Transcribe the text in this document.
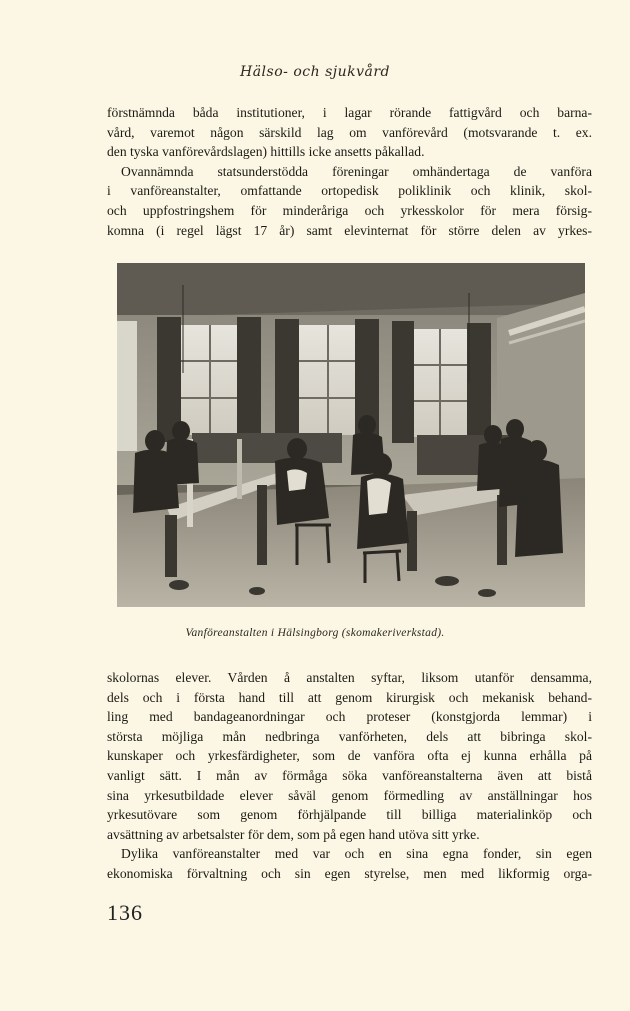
Hälso- och sjukvård
förstnämnda båda institutioner, i lagar rörande fattigvård och barna-
vård, varemot någon särskild lag om vanförevård (motsvarande t. ex.
den tyska vanförevårdslagen) hittills icke ansetts påkallad.
Ovannämnda statsunderstödda föreningar omhändertaga de vanföra
i vanföreanstalter, omfattande ortopedisk poliklinik och klinik, skol-
och uppfostringshem för minderåriga och yrkesskolor för mera försig-
komna (i regel lägst 17 år) samt elevinternat för större delen av yrkes-
Vanföreanstalten i Hälsingborg (skomakeriverkstad).
skolornas elever. Vården å anstalten syftar, liksom utanför densamma,
dels och i första hand till att genom kirurgisk och mekanisk behand-
ling med bandageanordningar och proteser (konstgjorda lemmar) i
största möjliga mån nedbringa vanförheten, dels att bibringa skol-
kunskaper och yrkesfärdigheter, som de vanföra ofta ej kunna erhålla på
vanligt sätt. I mån av förmåga söka vanföreanstalterna även att bistå
sina yrkesutbildade elever såväl genom förmedling av anställningar hos
yrkesutövare som genom förhjälpande till billiga materialinköp och
avsättning av arbetsalster för dem, som på egen hand utöva sitt yrke.
Dylika vanföreanstalter med var och en sina egna fonder, sin egen
ekonomiska förvaltning och sin egen styrelse, men med likformig orga-
136
